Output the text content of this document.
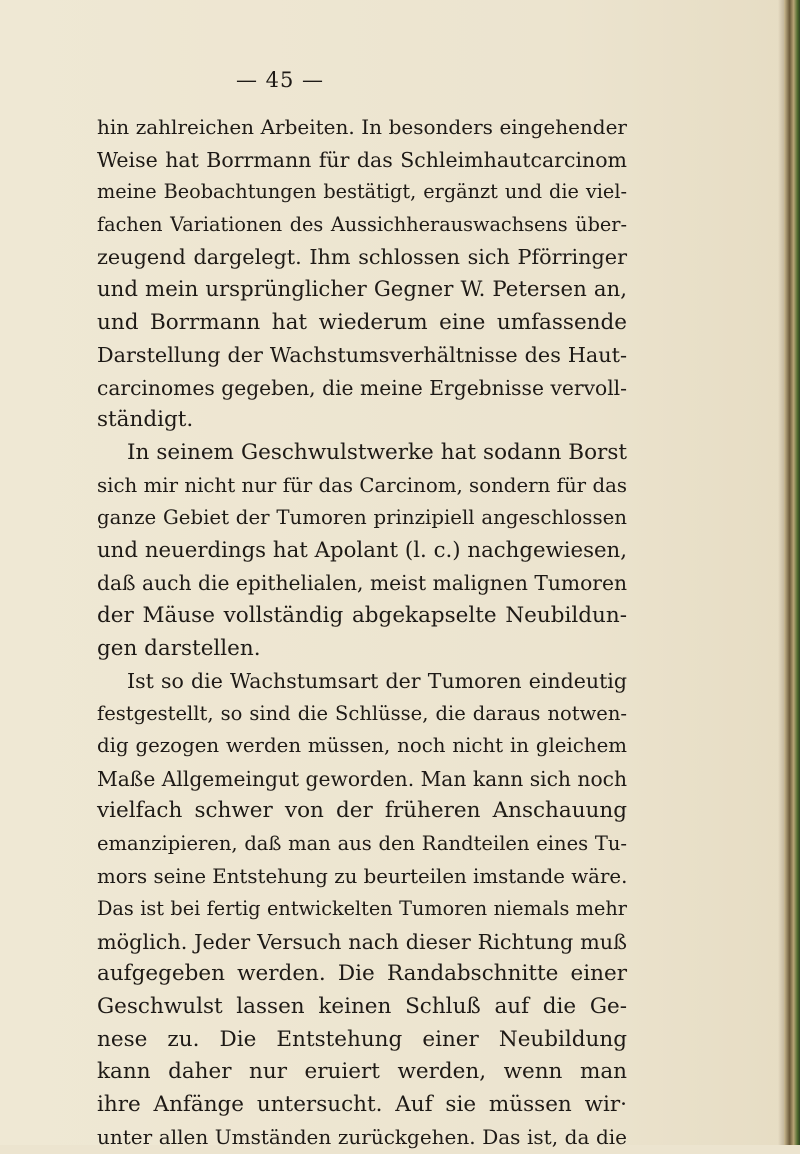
— 45 —
hin zahlreichen Arbeiten. In besonders eingehender
Weise hat Borrmann für das Schleimhautcarcinom
meine Beobachtungen bestätigt, ergänzt und die viel-
fachen Variationen des Aussichherauswachsens über-
zeugend dargelegt. Ihm schlossen sich Pförringer
und mein ursprünglicher Gegner W. Petersen an,
und Borrmann hat wiederum eine umfassende
Darstellung der Wachstumsverhältnisse des Haut-
carcinomes gegeben, die meine Ergebnisse vervoll-
ständigt.
In seinem Geschwulstwerke hat sodann Borst
sich mir nicht nur für das Carcinom, sondern für das
ganze Gebiet der Tumoren prinzipiell angeschlossen
und neuerdings hat Apolant (l. c.) nachgewiesen,
daß auch die epithelialen, meist malignen Tumoren
der Mäuse vollständig abgekapselte Neubildun-
gen darstellen.
Ist so die Wachstumsart der Tumoren eindeutig
festgestellt, so sind die Schlüsse, die daraus notwen-
dig gezogen werden müssen, noch nicht in gleichem
Maße Allgemeingut geworden. Man kann sich noch
vielfach schwer von der früheren Anschauung
emanzipieren, daß man aus den Randteilen eines Tu-
mors seine Entstehung zu beurteilen imstande wäre.
Das ist bei fertig entwickelten Tumoren niemals mehr
möglich. Jeder Versuch nach dieser Richtung muß
aufgegeben werden. Die Randabschnitte einer
Geschwulst lassen keinen Schluß auf die Ge-
nese zu. Die Entstehung einer Neubildung
kann daher nur eruiert werden, wenn man
ihre Anfänge untersucht. Auf sie müssen wir·
unter allen Umständen zurückgehen. Das ist, da die
